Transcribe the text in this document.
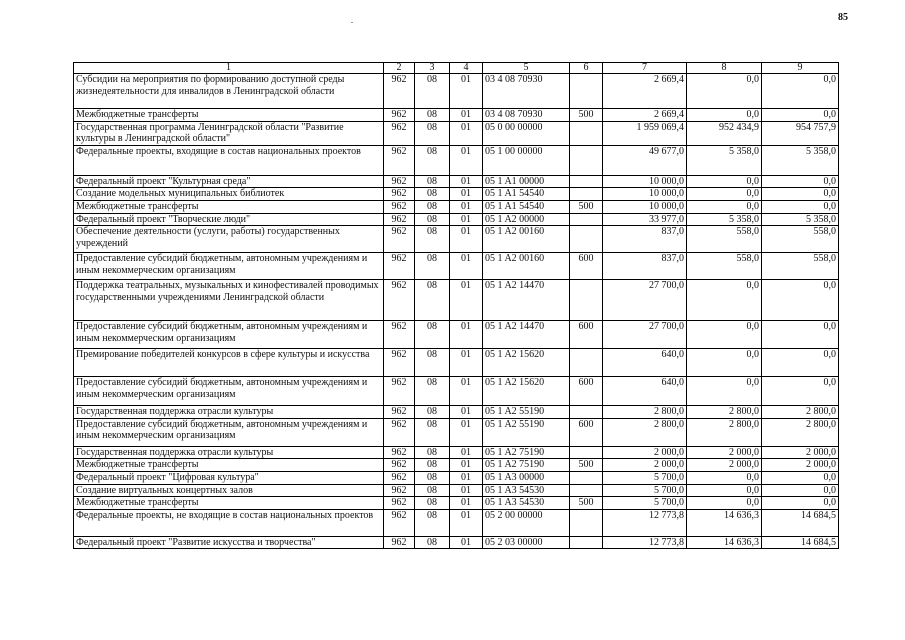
85
1	2	3	4	5	6	7	8	9
Субсидии на мероприятия по формированию доступной среды жизнедеятельности для инвалидов в Ленинградской области	962	08	01	03 4 08 70930		2 669,4	0,0	0,0
Межбюджетные трансферты	962	08	01	03 4 08 70930	500	2 669,4	0,0	0,0
Государственная программа Ленинградской области "Развитие культуры в Ленинградской области"	962	08	01	05 0 00 00000		1 959 069,4	952 434,9	954 757,9
Федеральные проекты, входящие в состав национальных проектов	962	08	01	05 1 00 00000		49 677,0	5 358,0	5 358,0
Федеральный проект "Культурная среда"	962	08	01	05 1 A1 00000		10 000,0	0,0	0,0
Создание модельных муниципальных библиотек	962	08	01	05 1 A1 54540		10 000,0	0,0	0,0
Межбюджетные трансферты	962	08	01	05 1 A1 54540	500	10 000,0	0,0	0,0
Федеральный проект "Творческие люди"	962	08	01	05 1 A2 00000		33 977,0	5 358,0	5 358,0
Обеспечение деятельности (услуги, работы) государственных учреждений	962	08	01	05 1 A2 00160		837,0	558,0	558,0
Предоставление субсидий бюджетным, автономным учреждениям и иным некоммерческим организациям	962	08	01	05 1 A2 00160	600	837,0	558,0	558,0
Поддержка театральных, музыкальных и кинофестивалей проводимых государственными учреждениями Ленинградской области	962	08	01	05 1 A2 14470		27 700,0	0,0	0,0
Предоставление субсидий бюджетным, автономным учреждениям и иным некоммерческим организациям	962	08	01	05 1 A2 14470	600	27 700,0	0,0	0,0
Премирование победителей конкурсов в сфере культуры и искусства	962	08	01	05 1 A2 15620		640,0	0,0	0,0
Предоставление субсидий бюджетным, автономным учреждениям и иным некоммерческим организациям	962	08	01	05 1 A2 15620	600	640,0	0,0	0,0
Государственная поддержка отрасли культуры	962	08	01	05 1 A2 55190		2 800,0	2 800,0	2 800,0
Предоставление субсидий бюджетным, автономным учреждениям и иным некоммерческим организациям	962	08	01	05 1 A2 55190	600	2 800,0	2 800,0	2 800,0
Государственная поддержка отрасли культуры	962	08	01	05 1 A2 75190		2 000,0	2 000,0	2 000,0
Межбюджетные трансферты	962	08	01	05 1 A2 75190	500	2 000,0	2 000,0	2 000,0
Федеральный проект "Цифровая культура"	962	08	01	05 1 A3 00000		5 700,0	0,0	0,0
Создание виртуальных концертных залов	962	08	01	05 1 A3 54530		5 700,0	0,0	0,0
Межбюджетные трансферты	962	08	01	05 1 A3 54530	500	5 700,0	0,0	0,0
Федеральные проекты, не входящие в состав национальных проектов	962	08	01	05 2 00 00000		12 773,8	14 636,3	14 684,5
Федеральный проект "Развитие искусства и творчества"	962	08	01	05 2 03 00000		12 773,8	14 636,3	14 684,5
